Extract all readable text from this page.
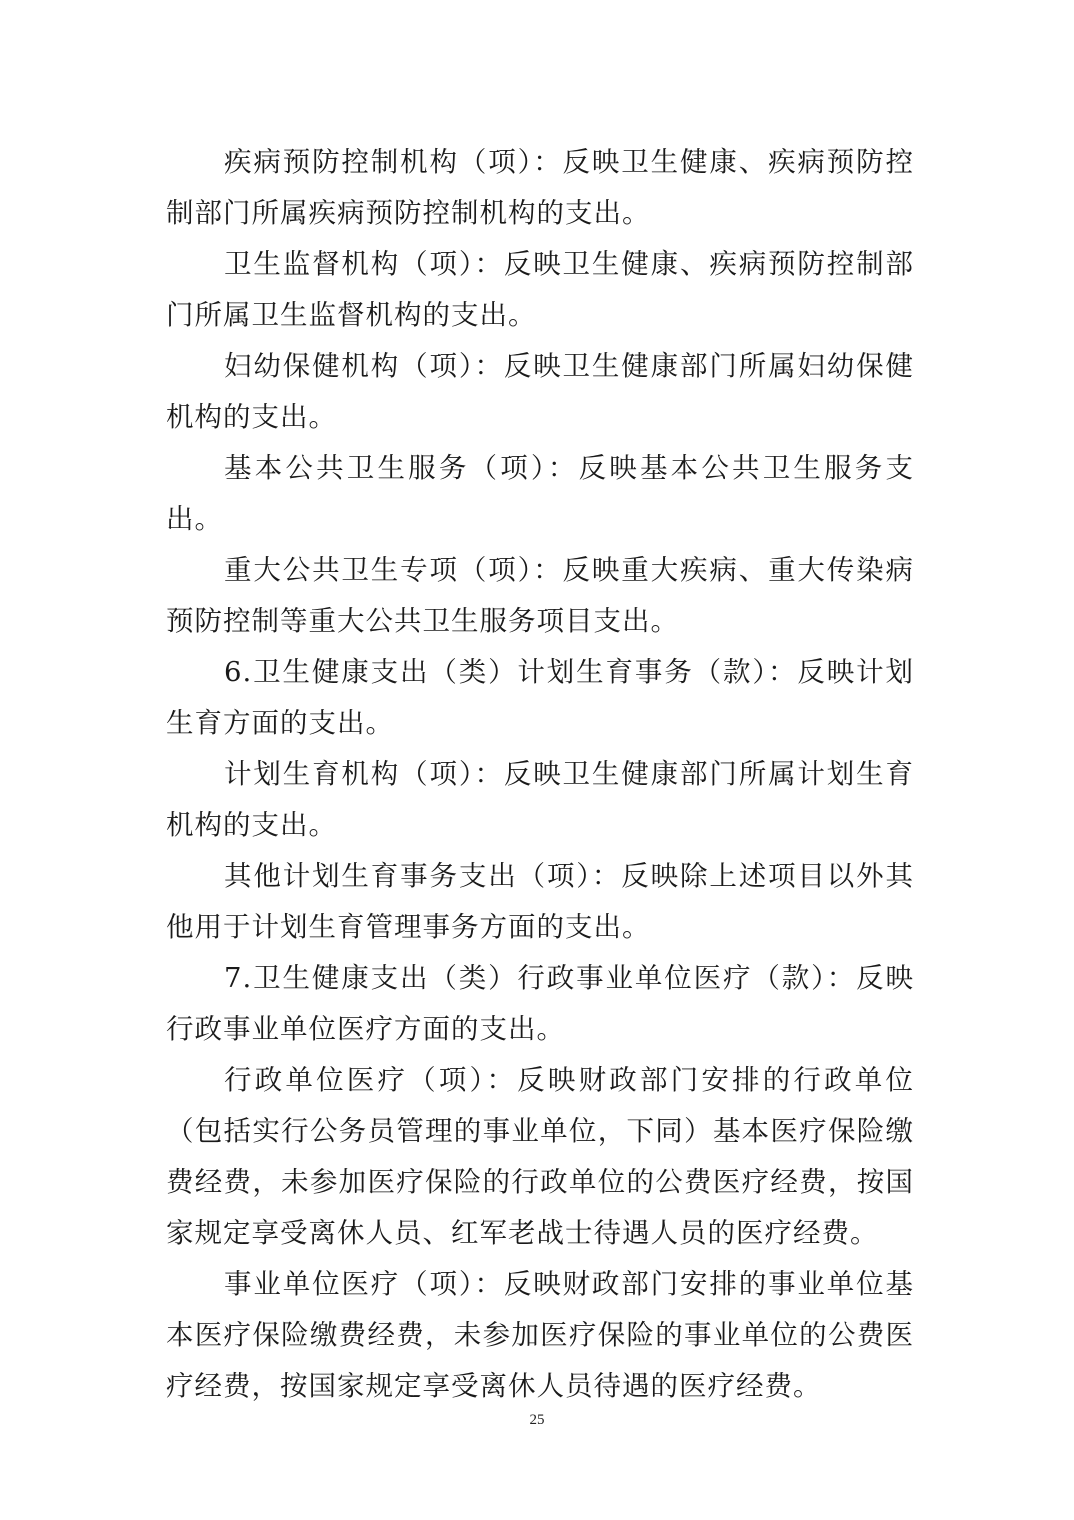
疾病预防控制机构（项）：反映卫生健康、疾病预防控制部门所属疾病预防控制机构的支出。

卫生监督机构（项）：反映卫生健康、疾病预防控制部门所属卫生监督机构的支出。

妇幼保健机构（项）：反映卫生健康部门所属妇幼保健机构的支出。

基本公共卫生服务（项）：反映基本公共卫生服务支出。

重大公共卫生专项（项）：反映重大疾病、重大传染病预防控制等重大公共卫生服务项目支出。

6.卫生健康支出（类）计划生育事务（款）：反映计划生育方面的支出。

计划生育机构（项）：反映卫生健康部门所属计划生育机构的支出。

其他计划生育事务支出（项）：反映除上述项目以外其他用于计划生育管理事务方面的支出。

7.卫生健康支出（类）行政事业单位医疗（款）：反映行政事业单位医疗方面的支出。

行政单位医疗（项）：反映财政部门安排的行政单位（包括实行公务员管理的事业单位，下同）基本医疗保险缴费经费，未参加医疗保险的行政单位的公费医疗经费，按国家规定享受离休人员、红军老战士待遇人员的医疗经费。

事业单位医疗（项）：反映财政部门安排的事业单位基本医疗保险缴费经费，未参加医疗保险的事业单位的公费医疗经费，按国家规定享受离休人员待遇的医疗经费。

25
